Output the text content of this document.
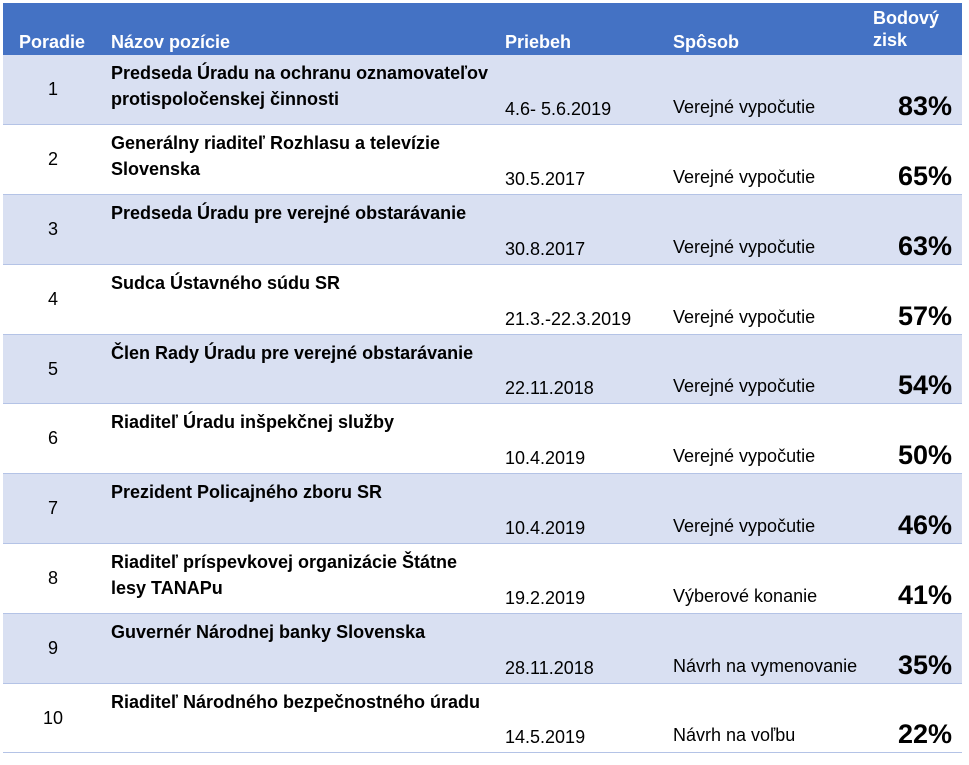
Poradie	Názov pozície	Priebeh	Spôsob	Bodový zisk
1	Predseda Úradu na ochranu oznamovateľov protispoločenskej činnosti	4.6- 5.6.2019	Verejné vypočutie	83%
2	Generálny riaditeľ Rozhlasu a televízie Slovenska	30.5.2017	Verejné vypočutie	65%
3	Predseda Úradu pre verejné obstarávanie	30.8.2017	Verejné vypočutie	63%
4	Sudca Ústavného súdu SR	21.3.-22.3.2019	Verejné vypočutie	57%
5	Člen Rady Úradu pre verejné obstarávanie	22.11.2018	Verejné vypočutie	54%
6	Riaditeľ Úradu inšpekčnej služby	10.4.2019	Verejné vypočutie	50%
7	Prezident Policajného zboru SR	10.4.2019	Verejné vypočutie	46%
8	Riaditeľ príspevkovej organizácie Štátne lesy TANAPu	19.2.2019	Výberové konanie	41%
9	Guvernér Národnej banky Slovenska	28.11.2018	Návrh na vymenovanie	35%
10	Riaditeľ Národného bezpečnostného úradu	14.5.2019	Návrh na voľbu	22%
